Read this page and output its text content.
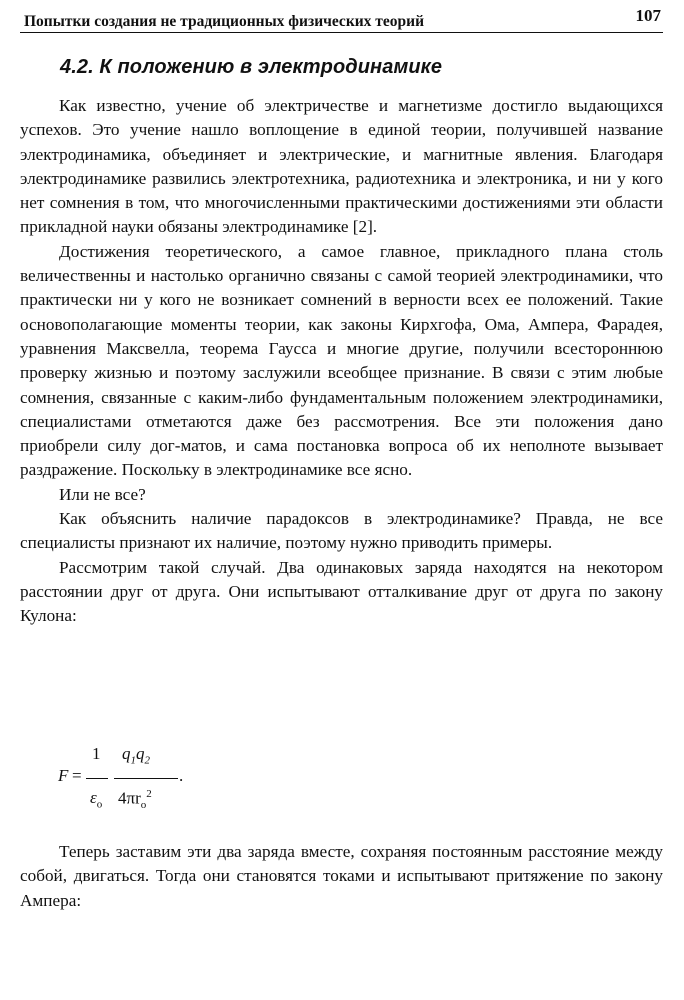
Попытки создания не традиционных физических теорий	107
4.2. К положению в электродинамике

Как известно, учение об электричестве и магнетизме достигло выдающихся успехов. Это учение нашло воплощение в единой теории, получившей название электродинамика, объединяет и электрические, и магнитные явления. Благодаря электродинамике развились электротехника, радиотехника и электроника, и ни у кого нет сомнения в том, что многочисленными практическими достижениями эти области прикладной науки обязаны электродинамике [2].

Достижения теоретического, а самое главное, прикладного плана столь величественны и настолько органично связаны с самой теорией электродинамики, что практически ни у кого не возникает сомнений в верности всех ее положений. Такие основополагающие моменты теории, как законы Кирхгофа, Ома, Ампера, Фарадея, уравнения Максвелла, теорема Гаусса и многие другие, получили всестороннюю проверку жизнью и поэтому заслужили всеобщее признание. В связи с этим любые сомнения, связанные с каким-либо фундаментальным положением электродинамики, специалистами отметаются даже без рассмотрения. Все эти положения дано приобрели силу дог-матов, и сама постановка вопроса об их неполноте вызывает раздражение. Поскольку в электродинамике все ясно.

Или не все?

Как объяснить наличие парадоксов в электродинамике? Правда, не все специалисты признают их наличие, поэтому нужно приводить примеры.

Рассмотрим такой случай. Два одинаковых заряда находятся на некотором расстоянии друг от друга. Они испытывают отталкивание друг от друга по закону Кулона:

F =
1 $q_1q_2$
$\varepsilon_o$ $4\pi r_o^2$
.

Теперь заставим эти два заряда вместе, сохраняя постоянным расстояние между собой, двигаться. Тогда они становятся токами и испытывают притяжение по закону Ампера:
